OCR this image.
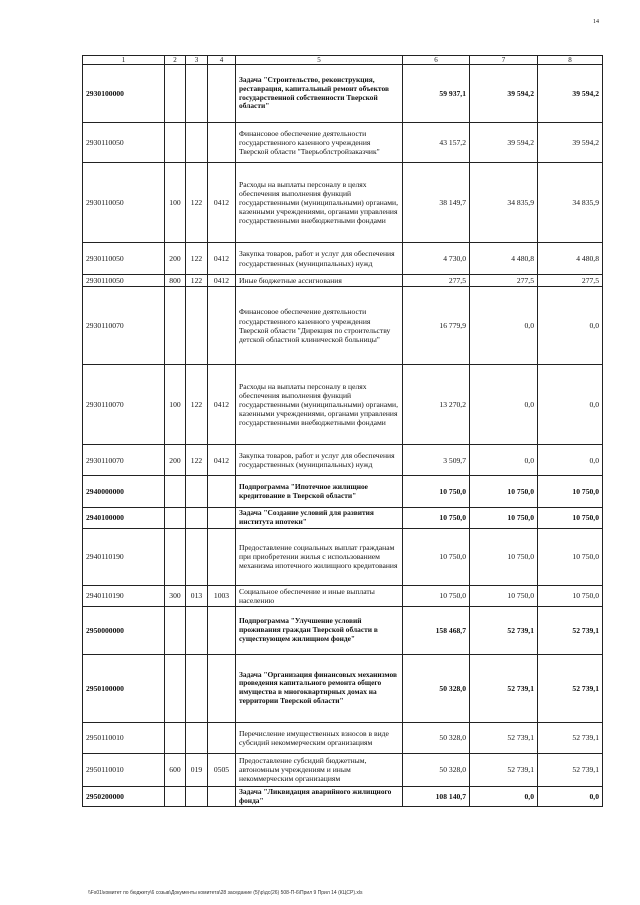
14
1	2	3	4	5	6	7	8
2930100000				Задача "Строительство, реконструкция, реставрация, капитальный ремонт объектов государственной собственности Тверской области"	59 937,1	39 594,2	39 594,2
2930110050				Финансовое обеспечение деятельности государственного казенного учреждения Тверской области "Тверьоблстройзаказчик"	43 157,2	39 594,2	39 594,2
2930110050	100	122	0412	Расходы на выплаты персоналу в целях обеспечения выполнения функций государственными (муниципальными) органами, казенными учреждениями, органами управления государственными внебюджетными фондами	38 149,7	34 835,9	34 835,9
2930110050	200	122	0412	Закупка товаров, работ и услуг для обеспечения государственных (муниципальных) нужд	4 730,0	4 480,8	4 480,8
2930110050	800	122	0412	Иные бюджетные ассигнования	277,5	277,5	277,5
2930110070				Финансовое обеспечение деятельности государственного казенного учреждения Тверской области "Дирекция по строительству детской областной клинической больницы"	16 779,9	0,0	0,0
2930110070	100	122	0412	Расходы на выплаты персоналу в целях обеспечения выполнения функций государственными (муниципальными) органами, казенными учреждениями, органами управления государственными внебюджетными фондами	13 270,2	0,0	0,0
2930110070	200	122	0412	Закупка товаров, работ и услуг для обеспечения государственных (муниципальных) нужд	3 509,7	0,0	0,0
2940000000				Подпрограмма "Ипотечное жилищное кредитование в Тверской области"	10 750,0	10 750,0	10 750,0
2940100000				Задача "Создание условий для развития института ипотеки"	10 750,0	10 750,0	10 750,0
2940110190				Предоставление социальных выплат гражданам при приобретении жилья с использованием механизма ипотечного жилищного кредитования	10 750,0	10 750,0	10 750,0
2940110190	300	013	1003	Социальное обеспечение и иные выплаты населению	10 750,0	10 750,0	10 750,0
2950000000				Подпрограмма "Улучшение условий проживания граждан Тверской области в существующем жилищном фонде"	158 468,7	52 739,1	52 739,1
2950100000				Задача "Организация финансовых механизмов проведения капитального ремонта общего имущества в многоквартирных домах на территории Тверской области"	50 328,0	52 739,1	52 739,1
2950110010				Перечисление имущественных взносов в виде субсидий некоммерческим организациям	50 328,0	52 739,1	52 739,1
2950110010	600	019	0505	Предоставление субсидий бюджетным, автономным учреждениям и иным некоммерческим организациям	50 328,0	52 739,1	52 739,1
2950200000				Задача "Ликвидация аварийного жилищного фонда"	108 140,7	0,0	0,0
\\Fs01\комитет по бюджету\6 созыв\Документы комитета\28 заседание (5)\р\дс(26) 508-П-6\Прил 9 Прил 14 (КЦСР).xls
